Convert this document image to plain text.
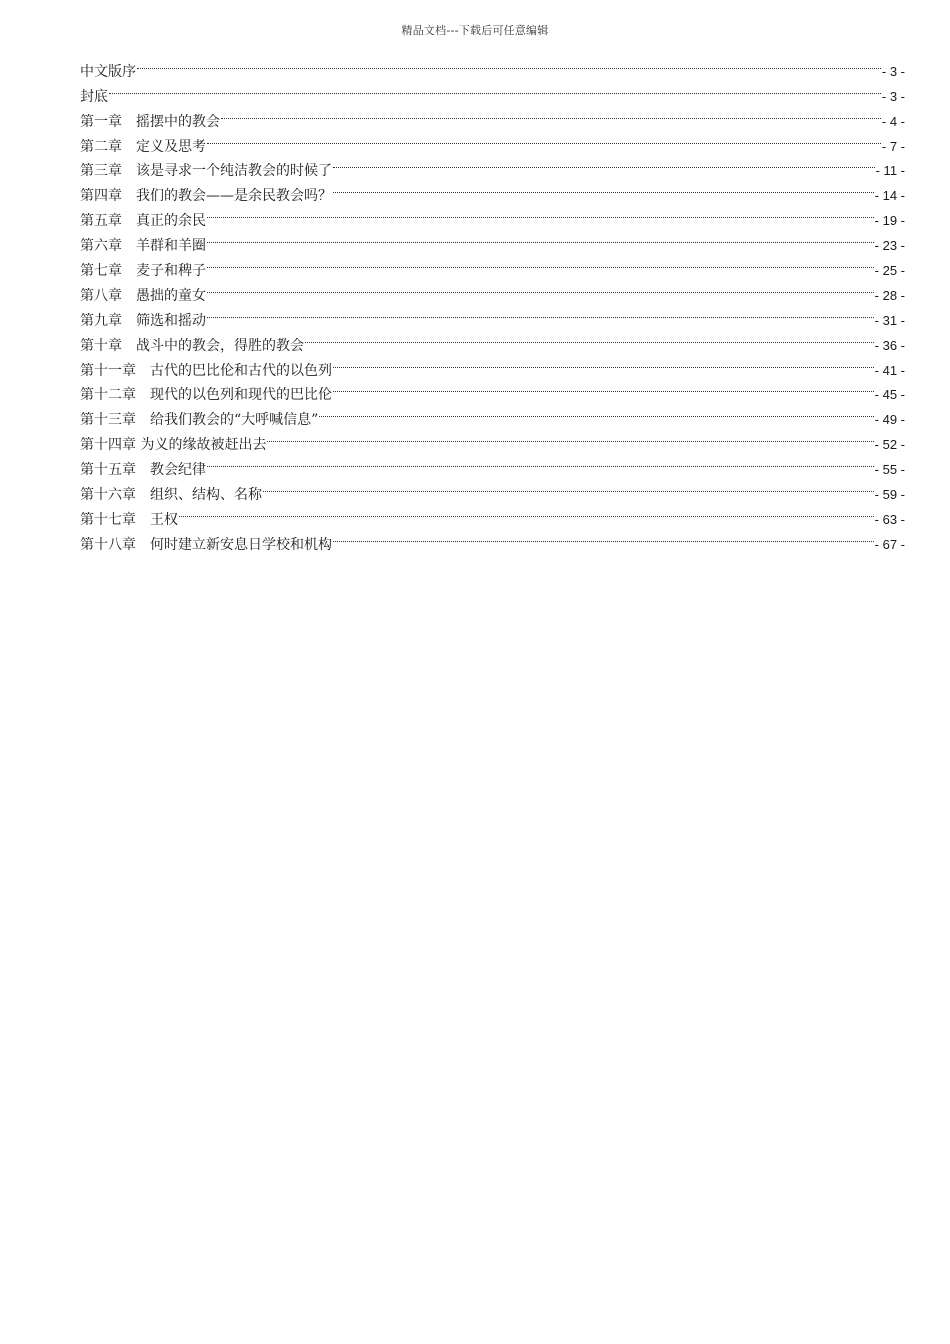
精品文档---下载后可任意编辑
中文版序	- 3 -
封底	- 3 -
第一章　摇摆中的教会	- 4 -
第二章　定义及思考	- 7 -
第三章　该是寻求一个纯洁教会的时候了	- 11 -
第四章　我们的教会——是余民教会吗？	- 14 -
第五章　真正的余民	- 19 -
第六章　羊群和羊圈	- 23 -
第七章　麦子和稗子	- 25 -
第八章　愚拙的童女	- 28 -
第九章　筛选和摇动	- 31 -
第十章　战斗中的教会，得胜的教会	- 36 -
第十一章　古代的巴比伦和古代的以色列	- 41 -
第十二章　现代的以色列和现代的巴比伦	- 45 -
第十三章　给我们教会的“大呼喊信息”	- 49 -
第十四章 为义的缘故被赶出去	- 52 -
第十五章　教会纪律	- 55 -
第十六章　组织、结构、名称	- 59 -
第十七章　王权	- 63 -
第十八章　何时建立新安息日学校和机构	- 67 -
